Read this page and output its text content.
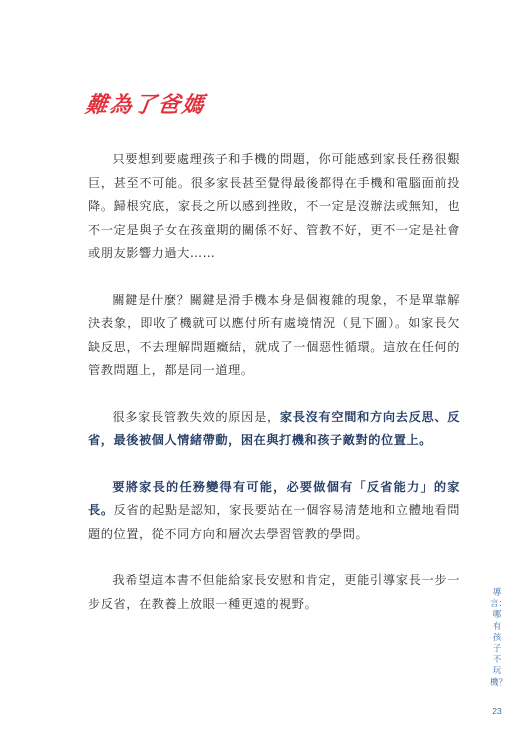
難為了爸媽

只要想到要處理孩子和手機的問題，你可能感到家長任務很艱巨，甚至不可能。很多家長甚至覺得最後都得在手機和電腦面前投降。歸根究底，家長之所以感到挫敗，不一定是沒辦法或無知，也不一定是與子女在孩童期的關係不好、管教不好，更不一定是社會或朋友影響力過大……

關鍵是什麼？關鍵是滑手機本身是個複雜的現象，不是單靠解決表象，即收了機就可以應付所有處境情況（見下圖）。如家長欠缺反思，不去理解問題癥結，就成了一個惡性循環。這放在任何的管教問題上，都是同一道理。

很多家長管教失效的原因是，家長沒有空間和方向去反思、反省，最後被個人情緒帶動，困在與打機和孩子敵對的位置上。

要將家長的任務變得有可能，必要做個有「反省能力」的家長。反省的起點是認知，家長要站在一個容易清楚地和立體地看問題的位置，從不同方向和層次去學習管教的學問。

我希望這本書不但能給家長安慰和肯定，更能引導家長一步一步反省，在教養上放眼一種更遠的視野。

導言：哪有孩子不玩機？
23
